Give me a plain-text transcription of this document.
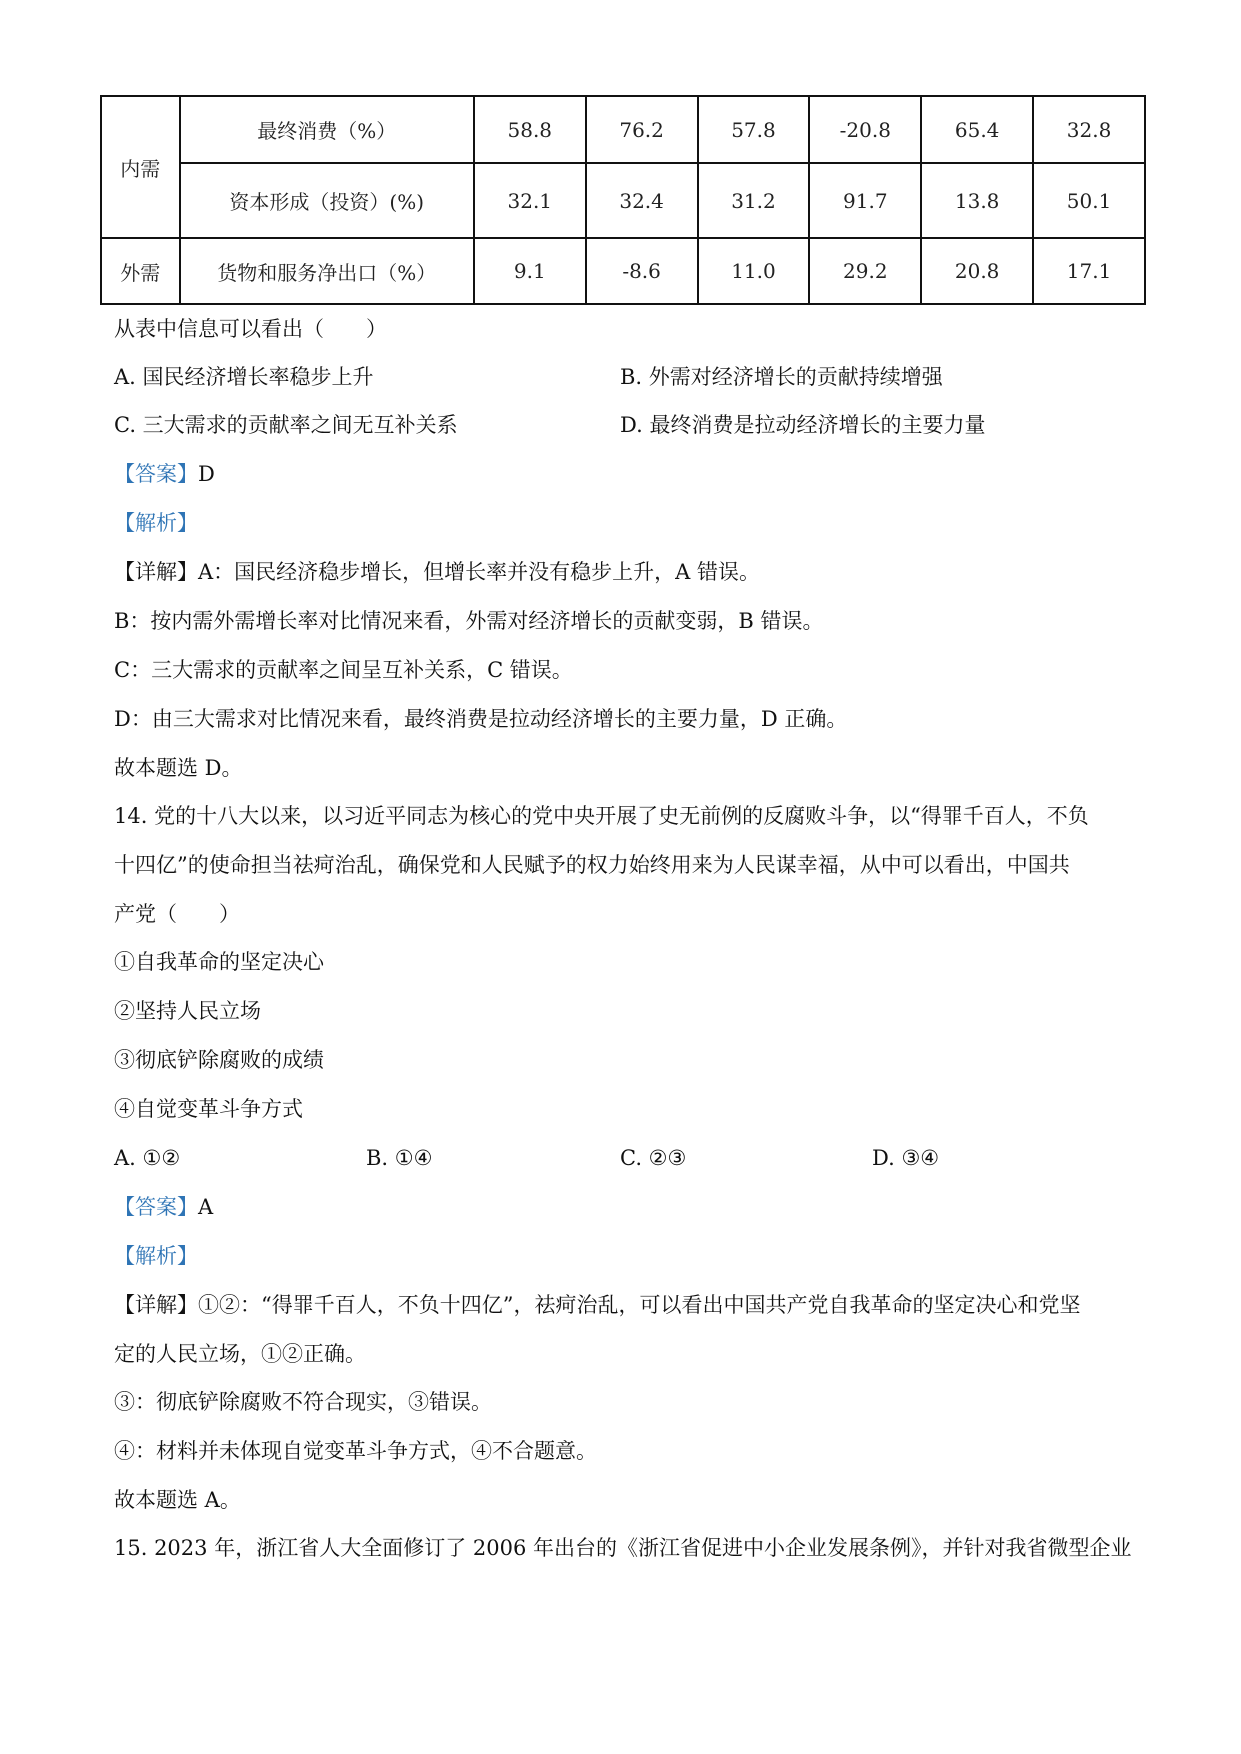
内需	最终消费（%）	58.8	76.2	57.8	-20.8	65.4	32.8
	资本形成（投资）(%)	32.1	32.4	31.2	91.7	13.8	50.1
外需	货物和服务净出口（%）	9.1	-8.6	11.0	29.2	20.8	17.1
从表中信息可以看出（　　）
A. 国民经济增长率稳步上升	B. 外需对经济增长的贡献持续增强
C. 三大需求的贡献率之间无互补关系	D. 最终消费是拉动经济增长的主要力量
【答案】D
【解析】
【详解】A：国民经济稳步增长，但增长率并没有稳步上升，A 错误。
B：按内需外需增长率对比情况来看，外需对经济增长的贡献变弱，B 错误。
C：三大需求的贡献率之间呈互补关系，C 错误。
D：由三大需求对比情况来看，最终消费是拉动经济增长的主要力量，D 正确。
故本题选 D。
14. 党的十八大以来，以习近平同志为核心的党中央开展了史无前例的反腐败斗争，以“得罪千百人，不负
十四亿”的使命担当祛疴治乱，确保党和人民赋予的权力始终用来为人民谋幸福，从中可以看出，中国共
产党（　　）
①自我革命的坚定决心
②坚持人民立场
③彻底铲除腐败的成绩
④自觉变革斗争方式
A. ①②	B. ①④	C. ②③	D. ③④
【答案】A
【解析】
【详解】①②：“得罪千百人，不负十四亿”，祛疴治乱，可以看出中国共产党自我革命的坚定决心和党坚
定的人民立场，①②正确。
③：彻底铲除腐败不符合现实，③错误。
④：材料并未体现自觉变革斗争方式，④不合题意。
故本题选 A。
15. 2023 年，浙江省人大全面修订了 2006 年出台的《浙江省促进中小企业发展条例》，并针对我省微型企业
